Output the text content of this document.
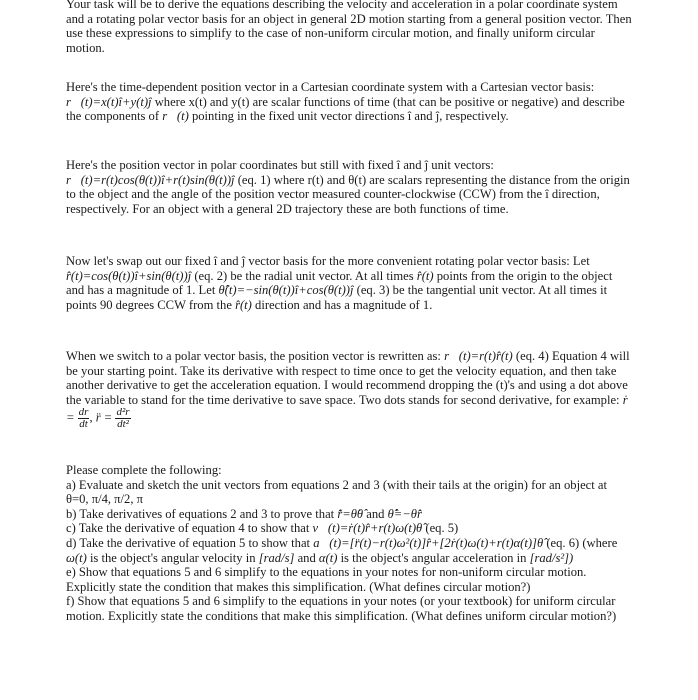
Your task will be to derive the equations describing the velocity and acceleration in a polar coordinate system and a rotating polar vector basis for an object in general 2D motion starting from a general position vector. Then use these expressions to simplify to the case of non-uniform circular motion, and finally uniform circular motion.

Here's the time-dependent position vector in a Cartesian coordinate system with a Cartesian vector basis: r⃗(t)=x(t)î+y(t)ĵ where x(t) and y(t) are scalar functions of time (that can be positive or negative) and describe the components of r⃗(t) pointing in the fixed unit vector directions î and ĵ, respectively.

Here's the position vector in polar coordinates but still with fixed î and ĵ unit vectors: r⃗(t)=r(t)cos(θ(t))î+r(t)sin(θ(t))ĵ (eq. 1) where r(t) and θ(t) are scalars representing the distance from the origin to the object and the angle of the position vector measured counter-clockwise (CCW) from the î direction, respectively. For an object with a general 2D trajectory these are both functions of time.

Now let's swap out our fixed î and ĵ vector basis for the more convenient rotating polar vector basis: Let r̂(t)=cos(θ(t))î+sin(θ(t))ĵ (eq. 2) be the radial unit vector. At all times r̂(t) points from the origin to the object and has a magnitude of 1. Let θ̂(t)=−sin(θ(t))î+cos(θ(t))ĵ (eq. 3) be the tangential unit vector. At all times it points 90 degrees CCW from the r̂(t) direction and has a magnitude of 1.

When we switch to a polar vector basis, the position vector is rewritten as: r⃗(t)=r(t)r̂(t) (eq. 4) Equation 4 will be your starting point. Take its derivative with respect to time once to get the velocity equation, and then take another derivative to get the acceleration equation. I would recommend dropping the (t)'s and using a dot above the variable to stand for the time derivative to save space. Two dots stands for second derivative, for example: ṙ = $\frac{dr}{dt}$ , r̈ = $\frac{\text{d²r}}{\text{dt²}}$

Please complete the following:
a) Evaluate and sketch the unit vectors from equations 2 and 3 (with their tails at the origin) for an object at θ=0, π/4, π/2, π
b) Take derivatives of equations 2 and 3 to prove that r̂̇=θ̇θ̂ and θ̂̇=−θ̇r̂
c) Take the derivative of equation 4 to show that v⃗(t)=ṙ(t)r̂+r(t)ω(t)θ̂ (eq. 5)
d) Take the derivative of equation 5 to show that a⃗(t)=[r̈(t)−r(t)ω²(t)]r̂+[2ṙ(t)ω(t)+r(t)α(t)]θ̂ (eq. 6) (where ω(t) is the object's angular velocity in [rad/s] and α(t) is the object's angular acceleration in [rad/s²])
e) Show that equations 5 and 6 simplify to the equations in your notes for non-uniform circular motion. Explicitly state the condition that makes this simplification. (What defines circular motion?)
f) Show that equations 5 and 6 simplify to the equations in your notes (or your textbook) for uniform circular motion. Explicitly state the conditions that make this simplification. (What defines uniform circular motion?)
